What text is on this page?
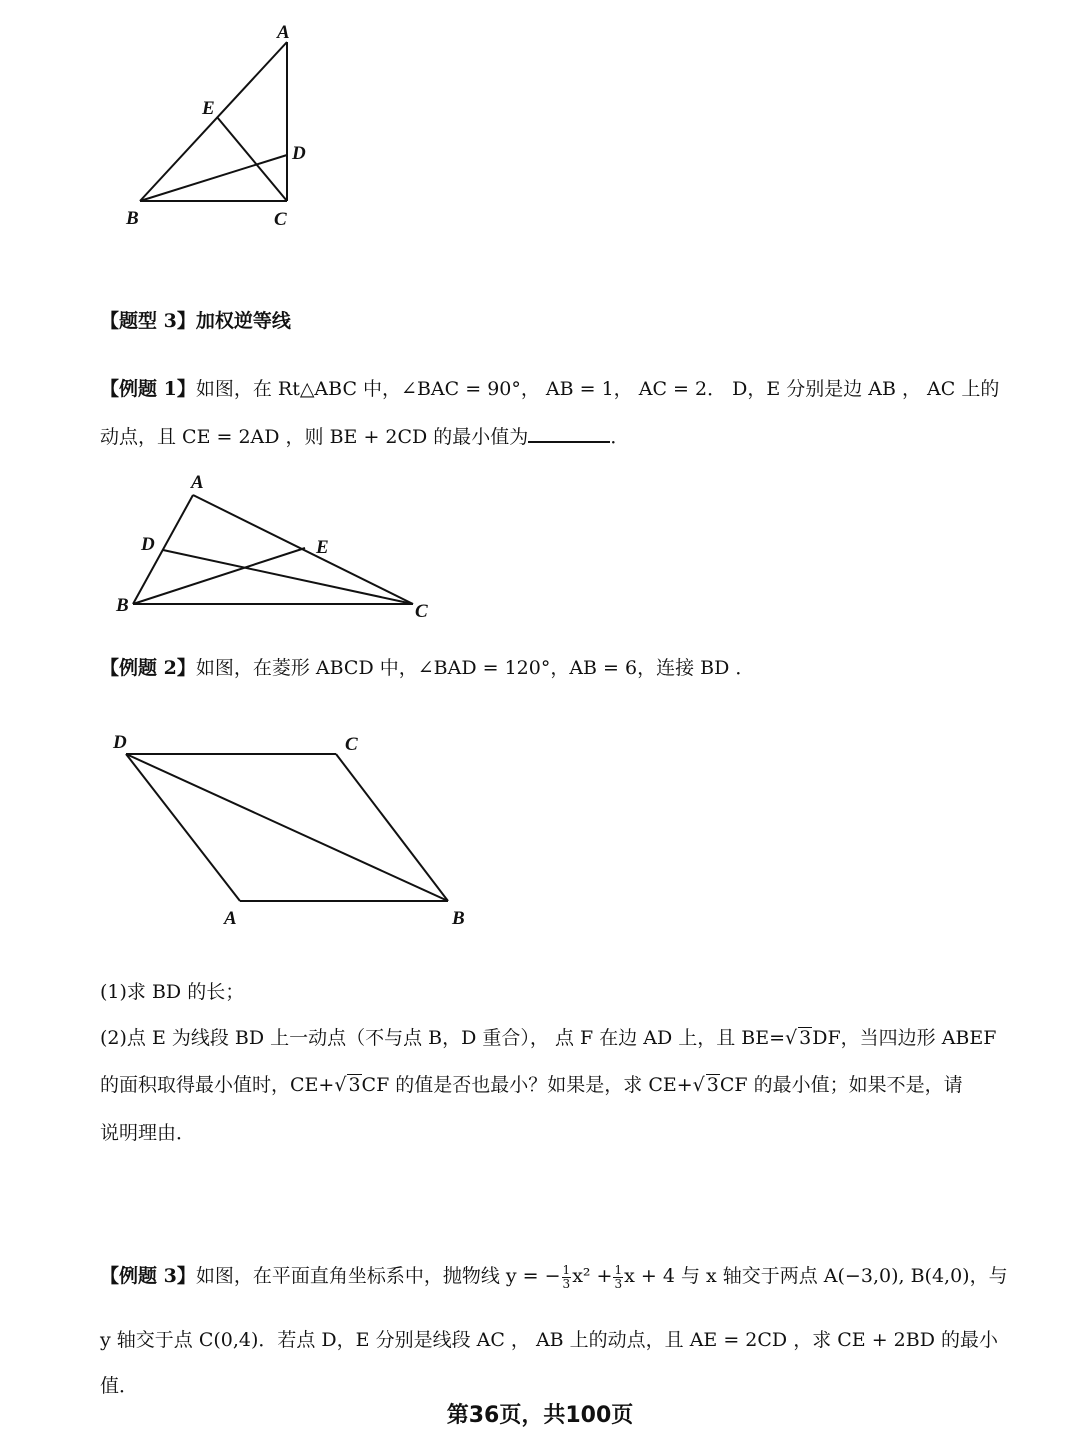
A
E
D
B	C
【题型 3】加权逆等线
【例题 1】如图，在 Rt△ABC 中，∠BAC = 90°， AB = 1， AC = 2． D，E 分别是边 AB ， AC 上的
动点，且 CE = 2AD ，则 BE + 2CD 的最小值为	．
A
D	E
B	C
【例题 2】如图，在菱形 ABCD 中，∠BAD = 120°，AB = 6，连接 BD ．
D	C
A	B
(1)求 BD 的长；
(2)点 E 为线段 BD 上一动点（不与点 B，D 重合）， 点 F 在边 AD 上，且 BE=√ 3DF，当四边形 ABEF
的面积取得最小值时，CE+√ 3CF 的值是否也最小？如果是，求 CE+√ 3CF 的最小值；如果不是，请
说明理由．
【例题 3】如图，在平面直角坐标系中，抛物线 y = − $\frac{1}{3} x^2 + \frac{1}{3}$ x + 4 与 x 轴交于两点 A(−3,0), B(4,0)，与
y 轴交于点 C(0,4)．若点 D，E 分别是线段 AC ， AB 上的动点，且 AE = 2CD ，求 CE + 2BD 的最小
值．
第36页，共100页
